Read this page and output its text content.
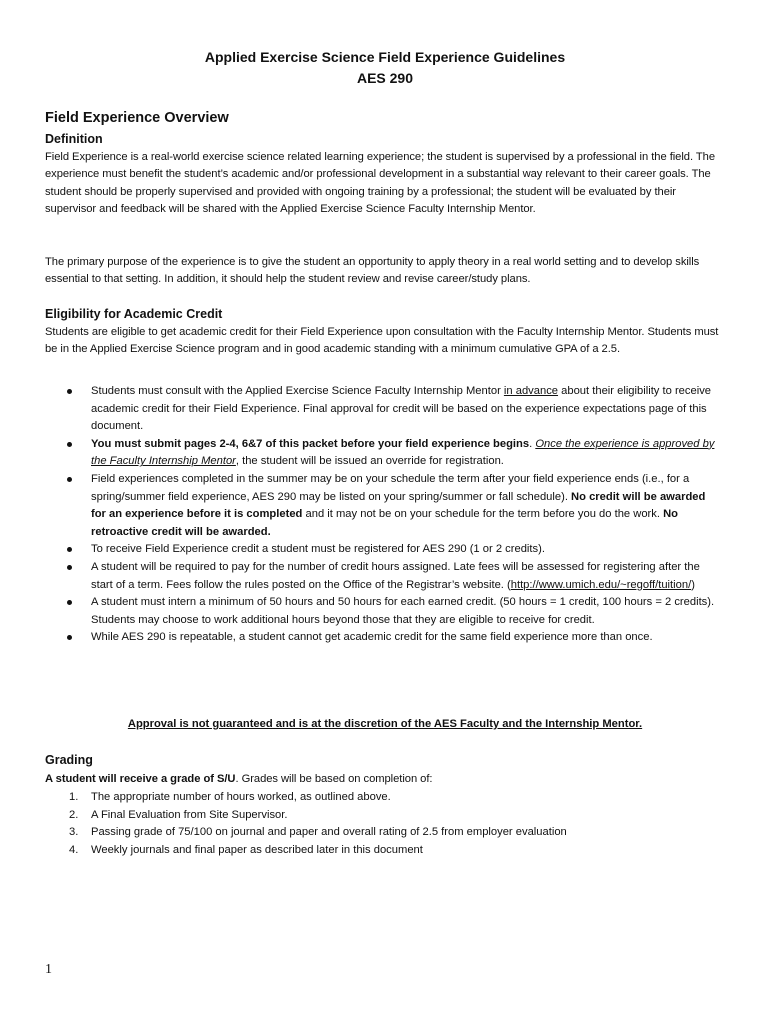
Applied Exercise Science Field Experience Guidelines
AES 290
Field Experience Overview
Definition
Field Experience is a real-world exercise science related learning experience; the student is supervised by a professional in the field. The experience must benefit the student’s academic and/or professional development in a substantial way relevant to their career goals. The student should be properly supervised and provided with ongoing training by a professional; the student will be evaluated by their supervisor and feedback will be shared with the Applied Exercise Science Faculty Internship Mentor.
The primary purpose of the experience is to give the student an opportunity to apply theory in a real world setting and to develop skills essential to that setting. In addition, it should help the student review and revise career/study plans.
Eligibility for Academic Credit
Students are eligible to get academic credit for their Field Experience upon consultation with the Faculty Internship Mentor. Students must be in the Applied Exercise Science program and in good academic standing with a minimum cumulative GPA of a 2.5.
Students must consult with the Applied Exercise Science Faculty Internship Mentor in advance about their eligibility to receive academic credit for their Field Experience. Final approval for credit will be based on the experience expectations page of this document.
You must submit pages 2-4, 6&7 of this packet before your field experience begins. Once the experience is approved by the Faculty Internship Mentor, the student will be issued an override for registration.
Field experiences completed in the summer may be on your schedule the term after your field experience ends (i.e., for a spring/summer field experience, AES 290 may be listed on your spring/summer or fall schedule). No credit will be awarded for an experience before it is completed and it may not be on your schedule for the term before you do the work. No retroactive credit will be awarded.
To receive Field Experience credit a student must be registered for AES 290 (1 or 2 credits).
A student will be required to pay for the number of credit hours assigned. Late fees will be assessed for registering after the start of a term. Fees follow the rules posted on the Office of the Registrar’s website. (http://www.umich.edu/~regoff/tuition/)
A student must intern a minimum of 50 hours and 50 hours for each earned credit. (50 hours = 1 credit, 100 hours = 2 credits). Students may choose to work additional hours beyond those that they are eligible to receive for credit.
While AES 290 is repeatable, a student cannot get academic credit for the same field experience more than once.
Approval is not guaranteed and is at the discretion of the AES Faculty and the Internship Mentor.
Grading
A student will receive a grade of S/U. Grades will be based on completion of:
1. The appropriate number of hours worked, as outlined above.
2. A Final Evaluation from Site Supervisor.
3. Passing grade of 75/100 on journal and paper and overall rating of 2.5 from employer evaluation
4. Weekly journals and final paper as described later in this document
1
